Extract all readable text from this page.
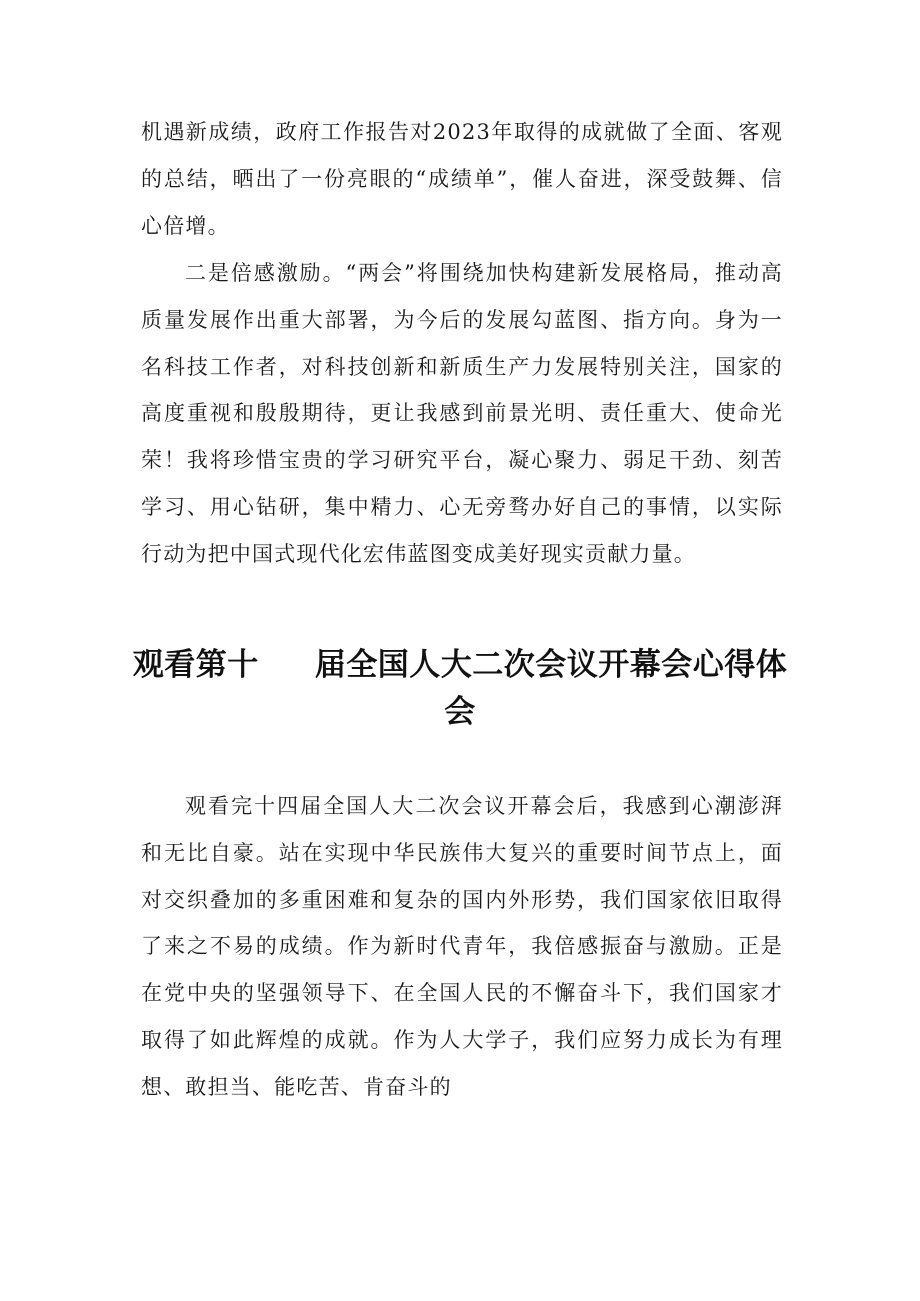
机遇新成绩，政府工作报告对2023年取得的成就做了全面、客观的总结，晒出了一份亮眼的“成绩单”，催人奋进，深受鼓舞、信心倍增。

二是倍感激励。“两会”将围绕加快构建新发展格局，推动高质量发展作出重大部署，为今后的发展勾蓝图、指方向。身为一名科技工作者，对科技创新和新质生产力发展特别关注，国家的高度重视和殷殷期待，更让我感到前景光明、责任重大、使命光荣！我将珍惜宝贵的学习研究平台，凝心聚力、弱足干劲、刻苦学习、用心钻研，集中精力、心无旁骛办好自己的事情，以实际行动为把中国式现代化宏伟蓝图变成美好现实贡献力量。

观看第十 届全国人大二次会议开幕会心得体会

观看完十四届全国人大二次会议开幕会后，我感到心潮澎湃和无比自豪。站在实现中华民族伟大复兴的重要时间节点上，面对交织叠加的多重困难和复杂的国内外形势，我们国家依旧取得了来之不易的成绩。作为新时代青年，我倍感振奋与激励。正是在党中央的坚强领导下、在全国人民的不懈奋斗下，我们国家才取得了如此辉煌的成就。作为人大学子，我们应努力成长为有理想、敢担当、能吃苦、肯奋斗的
